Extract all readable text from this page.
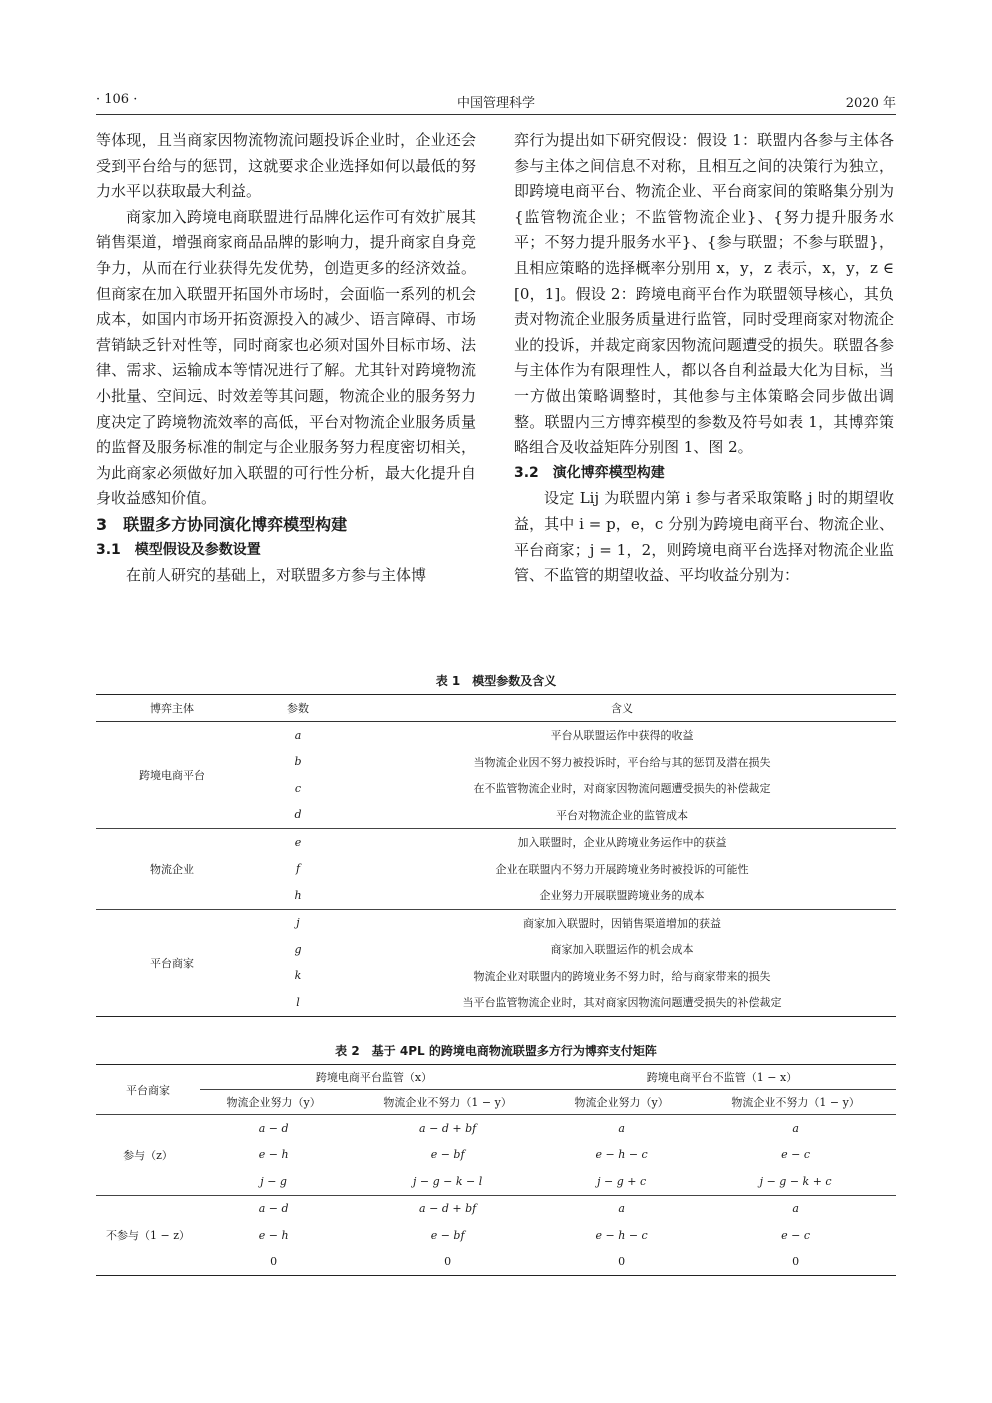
· 106 ·	中国管理科学	2020 年

等体现，且当商家因物流物流问题投诉企业时，企业还会受到平台给与的惩罚，这就要求企业选择如何以最低的努力水平以获取最大利益。

商家加入跨境电商联盟进行品牌化运作可有效扩展其销售渠道，增强商家商品品牌的影响力，提升商家自身竞争力，从而在行业获得先发优势，创造更多的经济效益。但商家在加入联盟开拓国外市场时，会面临一系列的机会成本，如国内市场开拓资源投入的减少、语言障碍、市场营销缺乏针对性等，同时商家也必须对国外目标市场、法律、需求、运输成本等情况进行了解。尤其针对跨境物流小批量、空间远、时效差等其问题，物流企业的服务努力度决定了跨境物流效率的高低，平台对物流企业服务质量的监督及服务标准的制定与企业服务努力程度密切相关，为此商家必须做好加入联盟的可行性分析，最大化提升自身收益感知价值。

3　联盟多方协同演化博弈模型构建

3.1　模型假设及参数设置

在前人研究的基础上，对联盟多方参与主体博

弈行为提出如下研究假设：假设 1：联盟内各参与主体各参与主体之间信息不对称，且相互之间的决策行为独立，即跨境电商平台、物流企业、平台商家间的策略集分别为{监管物流企业；不监管物流企业}、{努力提升服务水平；不努力提升服务水平}、{参与联盟；不参与联盟}，且相应策略的选择概率分别用 x，y，z 表示，x，y，z ∈ [0，1]。假设 2：跨境电商平台作为联盟领导核心，其负责对物流企业服务质量进行监管，同时受理商家对物流企业的投诉，并裁定商家因物流问题遭受的损失。联盟各参与主体作为有限理性人，都以各自利益最大化为目标，当一方做出策略调整时，其他参与主体策略会同步做出调整。联盟内三方博弈模型的参数及符号如表 1，其博弈策略组合及收益矩阵分别图 1、图 2。

3.2　演化博弈模型构建

设定 Lij 为联盟内第 i 参与者采取策略 j 时的期望收益，其中 i = p，e，c 分别为跨境电商平台、物流企业、平台商家；j = 1，2，则跨境电商平台选择对物流企业监管、不监管的期望收益、平均收益分别为：

表 1　模型参数及含义
博弈主体	参数	含义
跨境电商平台	a	平台从联盟运作中获得的收益
	b	当物流企业因不努力被投诉时，平台给与其的惩罚及潜在损失
	c	在不监管物流企业时，对商家因物流问题遭受损失的补偿裁定
	d	平台对物流企业的监管成本
物流企业	e	加入联盟时，企业从跨境业务运作中的获益
	f	企业在联盟内不努力开展跨境业务时被投诉的可能性
	h	企业努力开展联盟跨境业务的成本
平台商家	j	商家加入联盟时，因销售渠道增加的获益
	g	商家加入联盟运作的机会成本
	k	物流企业对联盟内的跨境业务不努力时，给与商家带来的损失
	l	当平台监管物流企业时，其对商家因物流问题遭受损失的补偿裁定
表 2　基于 4PL 的跨境电商物流联盟多方行为博弈支付矩阵
平台商家	跨境电商平台监管（x）		跨境电商平台不监管（1 − x）	
	物流企业努力（y）	物流企业不努力（1 − y）	物流企业努力（y）	物流企业不努力（1 − y）
参与（z）	a − d	a − d + bf	a	a
	e − h	e − bf	e − h − c	e − c
	j − g	j − g − k − l	j − g + c	j − g − k + c
不参与（1 − z）	a − d	a − d + bf	a	a
	e − h	e − bf	e − h − c	e − c
	0	0	0	0
